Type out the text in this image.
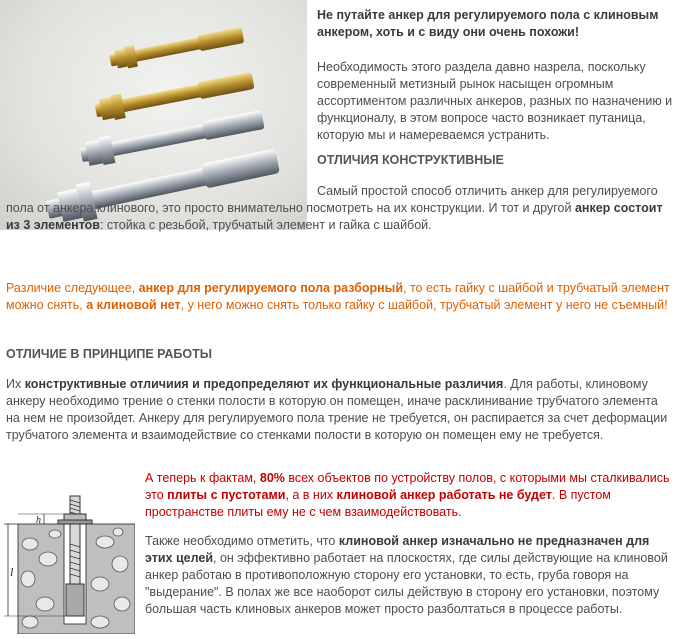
Не путайте анкер для регулируемого пола с клиновым анкером, хоть и с виду они очень похожи!

Необходимость этого раздела давно назрела, поскольку современный метизный рынок насыщен огромным ассортиментом различных анкеров, разных по назначению и функционалу, в этом вопросе часто возникает путаница, которую мы и намереваемся устранить.

ОТЛИЧИЯ КОНСТРУКТИВНЫЕ

Самый простой способ отличить анкер для регулируемого пола от анкера клинового, это просто внимательно посмотреть на их конструкции. И тот и другой анкер состоит из 3 элементов: стойка с резьбой, трубчатый элемент и гайка с шайбой.

Различие следующее, анкер для регулируемого пола разборный, то есть гайку с шайбой и трубчатый элемент можно снять, а клиновой нет, у него можно снять только гайку с шайбой, трубчатый элемент у него не съемный!

ОТЛИЧИЕ В ПРИНЦИПЕ РАБОТЫ

Их конструктивные отличиия и предопределяют их функциональные различия. Для работы, клиновому анкеру необходимо трение о стенки полости в которую он помещен, иначе расклинивание трубчатого элемента на нем не произойдет. Анкеру для регулируемого пола трение не требуется, он распирается за счет деформации трубчатого элемента и взаимодействие со стенками полости в которую он помещен ему не требуется.

l
h

А теперь к фактам, 80% всех объектов по устройству полов, с которыми мы сталкивались это плиты с пустотами, а в них клиновой анкер работать не будет. В пустом пространстве плиты ему не с чем взаимодействовать.

Также необходимо отметить, что клиновой анкер изначально не предназначен для этих целей, он эффективно работает на плоскостях, где силы действующие на клиновой анкер работаю в противоположную сторону его установки, то есть, груба говоря на "выдерание". В полах же все наоборот силы действую в сторону его установки, поэтому большая часть клиновых анкеров может просто разболтаться в процессе работы.
